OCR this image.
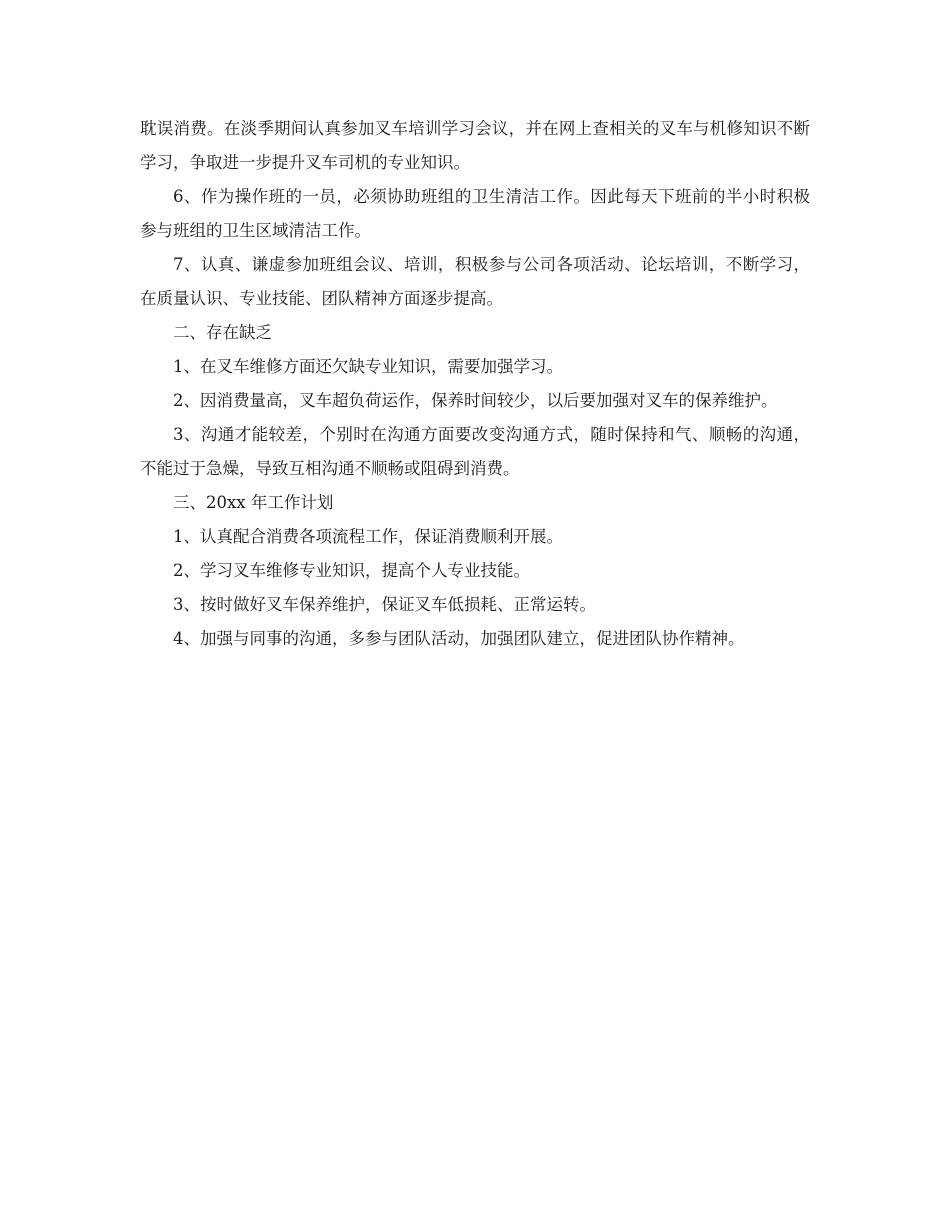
耽误消费。在淡季期间认真参加叉车培训学习会议，并在网上查相关的叉车与机修知识不断学习，争取进一步提升叉车司机的专业知识。

6、作为操作班的一员，必须协助班组的卫生清洁工作。因此每天下班前的半小时积极参与班组的卫生区域清洁工作。

7、认真、谦虚参加班组会议、培训，积极参与公司各项活动、论坛培训，不断学习，在质量认识、专业技能、团队精神方面逐步提高。

二、存在缺乏

1、在叉车维修方面还欠缺专业知识，需要加强学习。

2、因消费量高，叉车超负荷运作，保养时间较少，以后要加强对叉车的保养维护。

3、沟通才能较差，个别时在沟通方面要改变沟通方式，随时保持和气、顺畅的沟通，不能过于急燥，导致互相沟通不顺畅或阻碍到消费。

三、20xx 年工作计划

1、认真配合消费各项流程工作，保证消费顺利开展。

2、学习叉车维修专业知识，提高个人专业技能。

3、按时做好叉车保养维护，保证叉车低损耗、正常运转。

4、加强与同事的沟通，多参与团队活动，加强团队建立，促进团队协作精神。
